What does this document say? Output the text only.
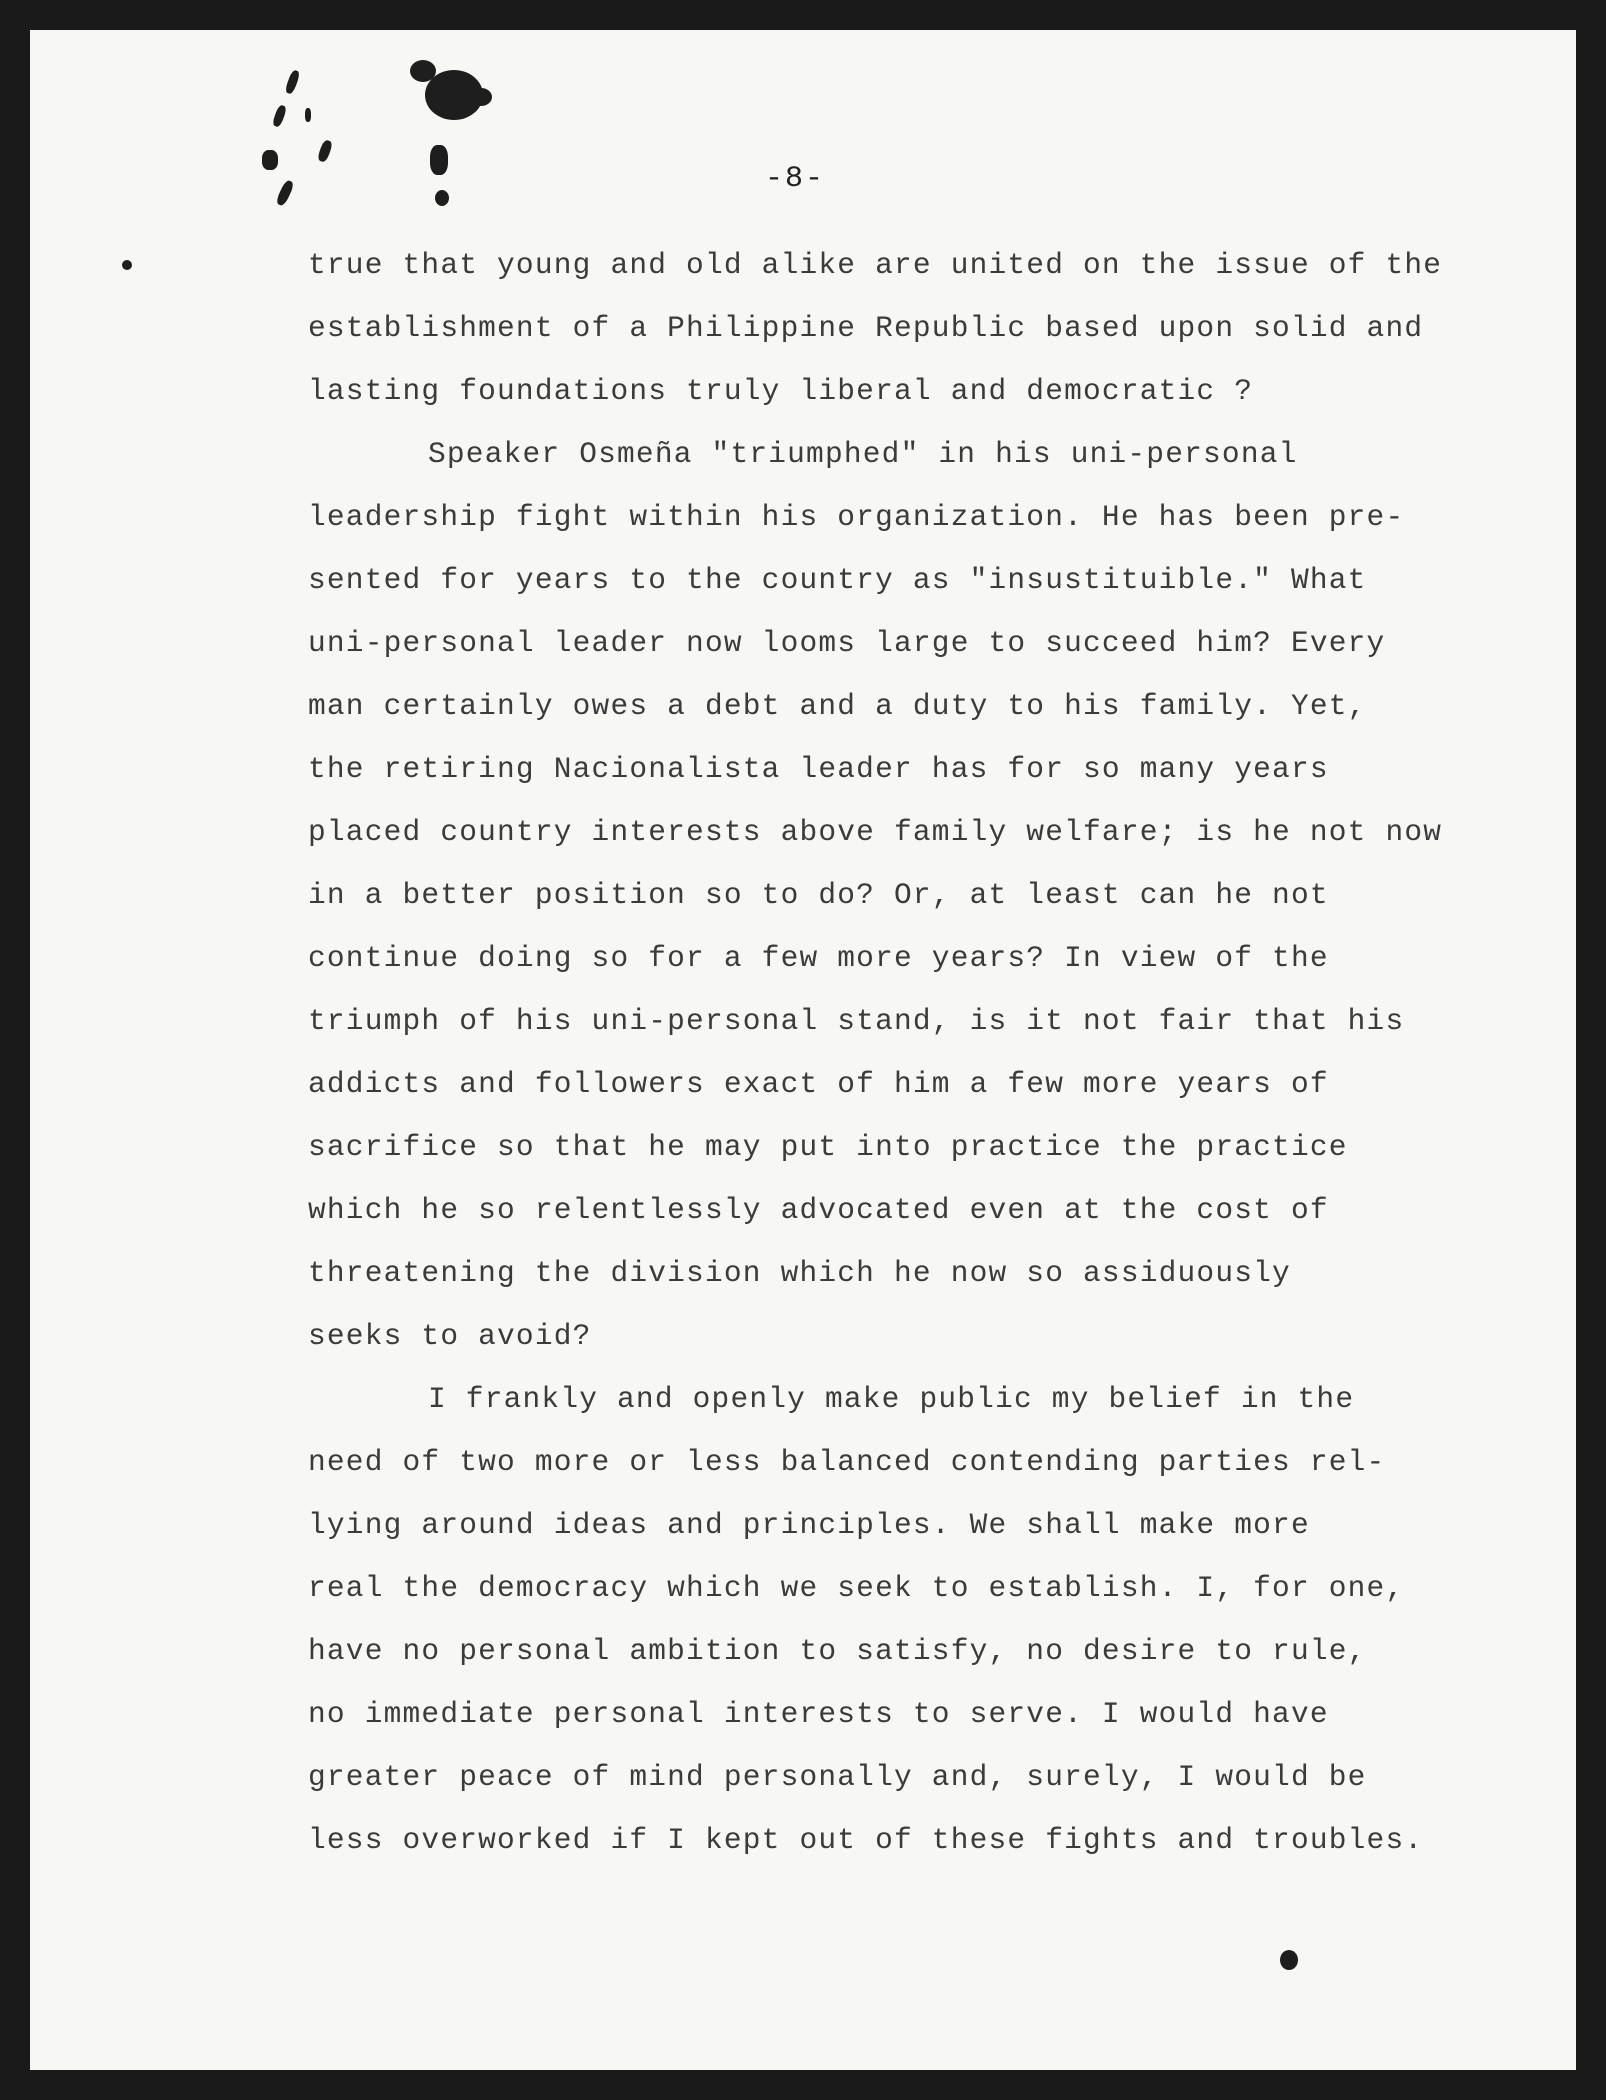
-8-

true that young and old alike are united on the issue of the
establishment of a Philippine Republic based upon solid and
lasting foundations truly liberal and democratic ?
Speaker Osmeña "triumphed" in his uni-personal
leadership fight within his organization. He has been pre-
sented for years to the country as "insustituible." What
uni-personal leader now looms large to succeed him? Every
man certainly owes a debt and a duty to his family. Yet,
the retiring Nacionalista leader has for so many years
placed country interests above family welfare; is he not now
in a better position so to do? Or, at least can he not
continue doing so for a few more years? In view of the
triumph of his uni-personal stand, is it not fair that his
addicts and followers exact of him a few more years of
sacrifice so that he may put into practice the practice
which he so relentlessly advocated even at the cost of
threatening the division which he now so assiduously
seeks to avoid?
I frankly and openly make public my belief in the
need of two more or less balanced contending parties rel-
lying around ideas and principles. We shall make more
real the democracy which we seek to establish. I, for one,
have no personal ambition to satisfy, no desire to rule,
no immediate personal interests to serve. I would have
greater peace of mind personally and, surely, I would be
less overworked if I kept out of these fights and troubles.
